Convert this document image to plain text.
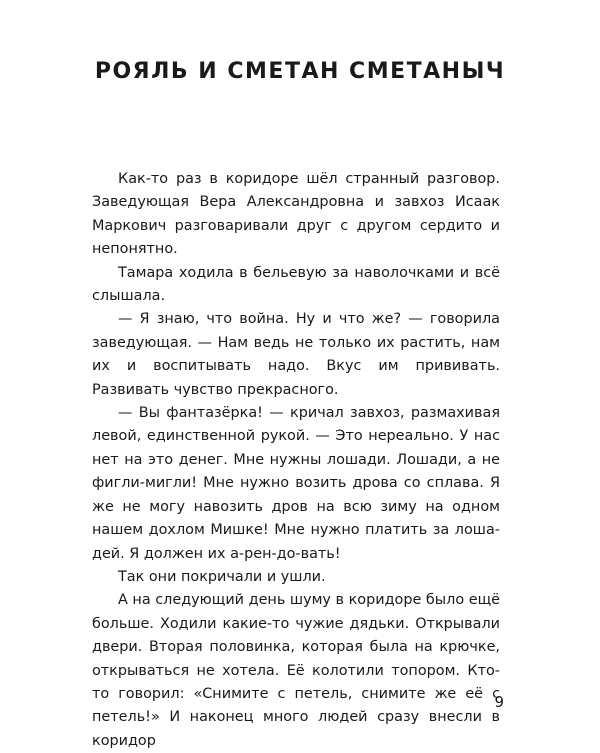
РОЯЛЬ И СМЕТАН СМЕТАНЫЧ

Как-то раз в коридоре шёл странный разговор. Заведующая Вера Александровна и завхоз Исаак Маркович разговаривали друг с другом сердито и непонятно.

Тамара ходила в бельевую за наволочками и всё слышала.

— Я знаю, что война. Ну и что же? — говорила заведующая. — Нам ведь не только их растить, нам их и воспитывать надо. Вкус им прививать. Развивать чувство прекрасного.

— Вы фантазёрка! — кричал завхоз, размахивая левой, единственной рукой. — Это нереально. У нас нет на это денег. Мне нужны лошади. Лошади, а не фигли-мигли! Мне нужно возить дрова со сплава. Я же не могу навозить дров на всю зиму на одном нашем дохлом Мишке! Мне нужно платить за лошадей. Я должен их а-рен-до-вать!

Так они покричали и ушли.

А на следующий день шуму в коридоре было ещё больше. Ходили какие-то чужие дядьки. Открывали двери. Вторая половинка, которая была на крючке, открываться не хотела. Её колотили топором. Кто-то говорил: «Снимите с петель, снимите же её с петель!» И наконец много людей сразу внесли в коридор

9
